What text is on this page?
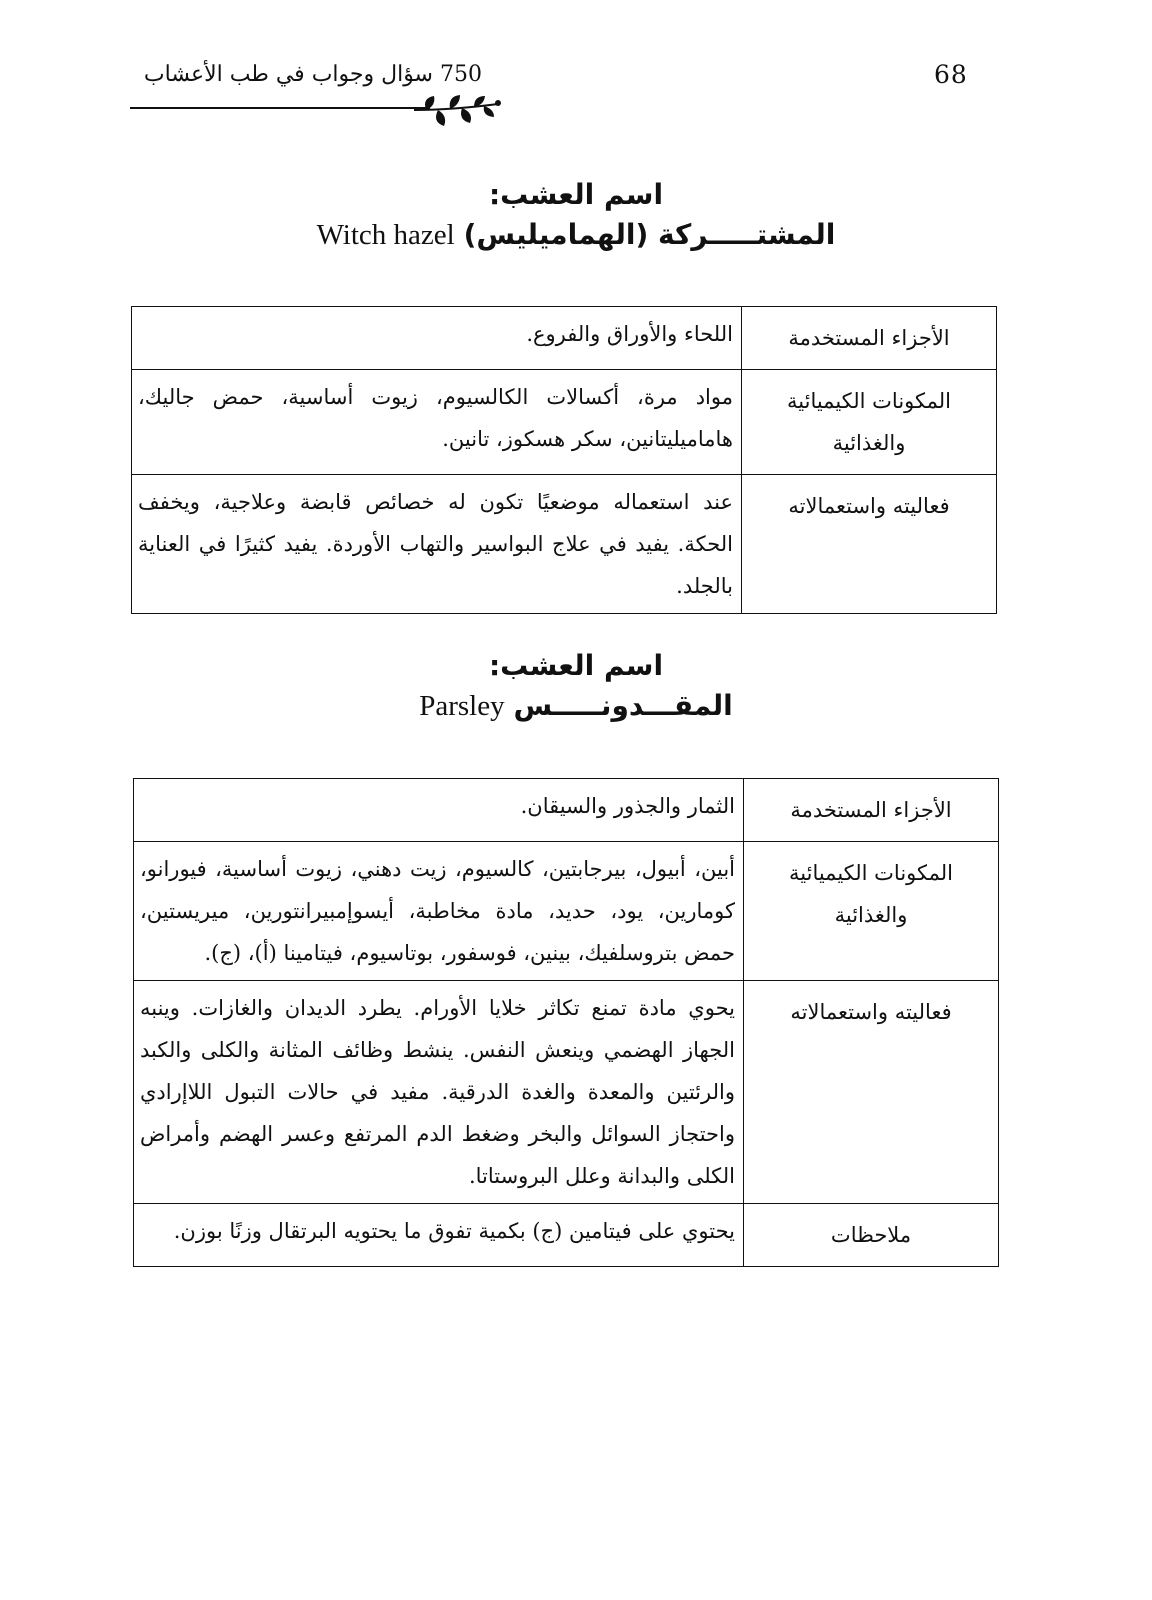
68
750 سؤال وجواب في طب الأعشاب
اسم العشب:
المشتـــــركة (الهماميليس) Witch hazel
الأجزاء المستخدمة	اللحاء والأوراق والفروع.
المكونات الكيميائية والغذائية	مواد مرة، أكسالات الكالسيوم، زيوت أساسية، حمض جاليك، هاماميليتانين، سكر هسكوز، تانين.
فعاليته واستعمالاته	عند استعماله موضعيًا تكون له خصائص قابضة وعلاجية، ويخفف الحكة. يفيد في علاج البواسير والتهاب الأوردة. يفيد كثيرًا في العناية بالجلد.
اسم العشب:
المقـــدونـــــس Parsley
الأجزاء المستخدمة	الثمار والجذور والسيقان.
المكونات الكيميائية والغذائية	أبين، أبيول، بيرجابتين، كالسيوم، زيت دهني، زيوت أساسية، فيورانو، كومارين، يود، حديد، مادة مخاطبة، أيسوإمبيرانتورين، ميريستين، حمض بتروسلفيك، بينين، فوسفور، بوتاسيوم، فيتامينا (أ)، (ج).
فعاليته واستعمالاته	يحوي مادة تمنع تكاثر خلايا الأورام. يطرد الديدان والغازات. وينبه الجهاز الهضمي وينعش النفس. ينشط وظائف المثانة والكلى والكبد والرئتين والمعدة والغدة الدرقية. مفيد في حالات التبول اللاإرادي واحتجاز السوائل والبخر وضغط الدم المرتفع وعسر الهضم وأمراض الكلى والبدانة وعلل البروستاتا.
ملاحظات	يحتوي على فيتامين (ج) بكمية تفوق ما يحتويه البرتقال وزنًا بوزن.
